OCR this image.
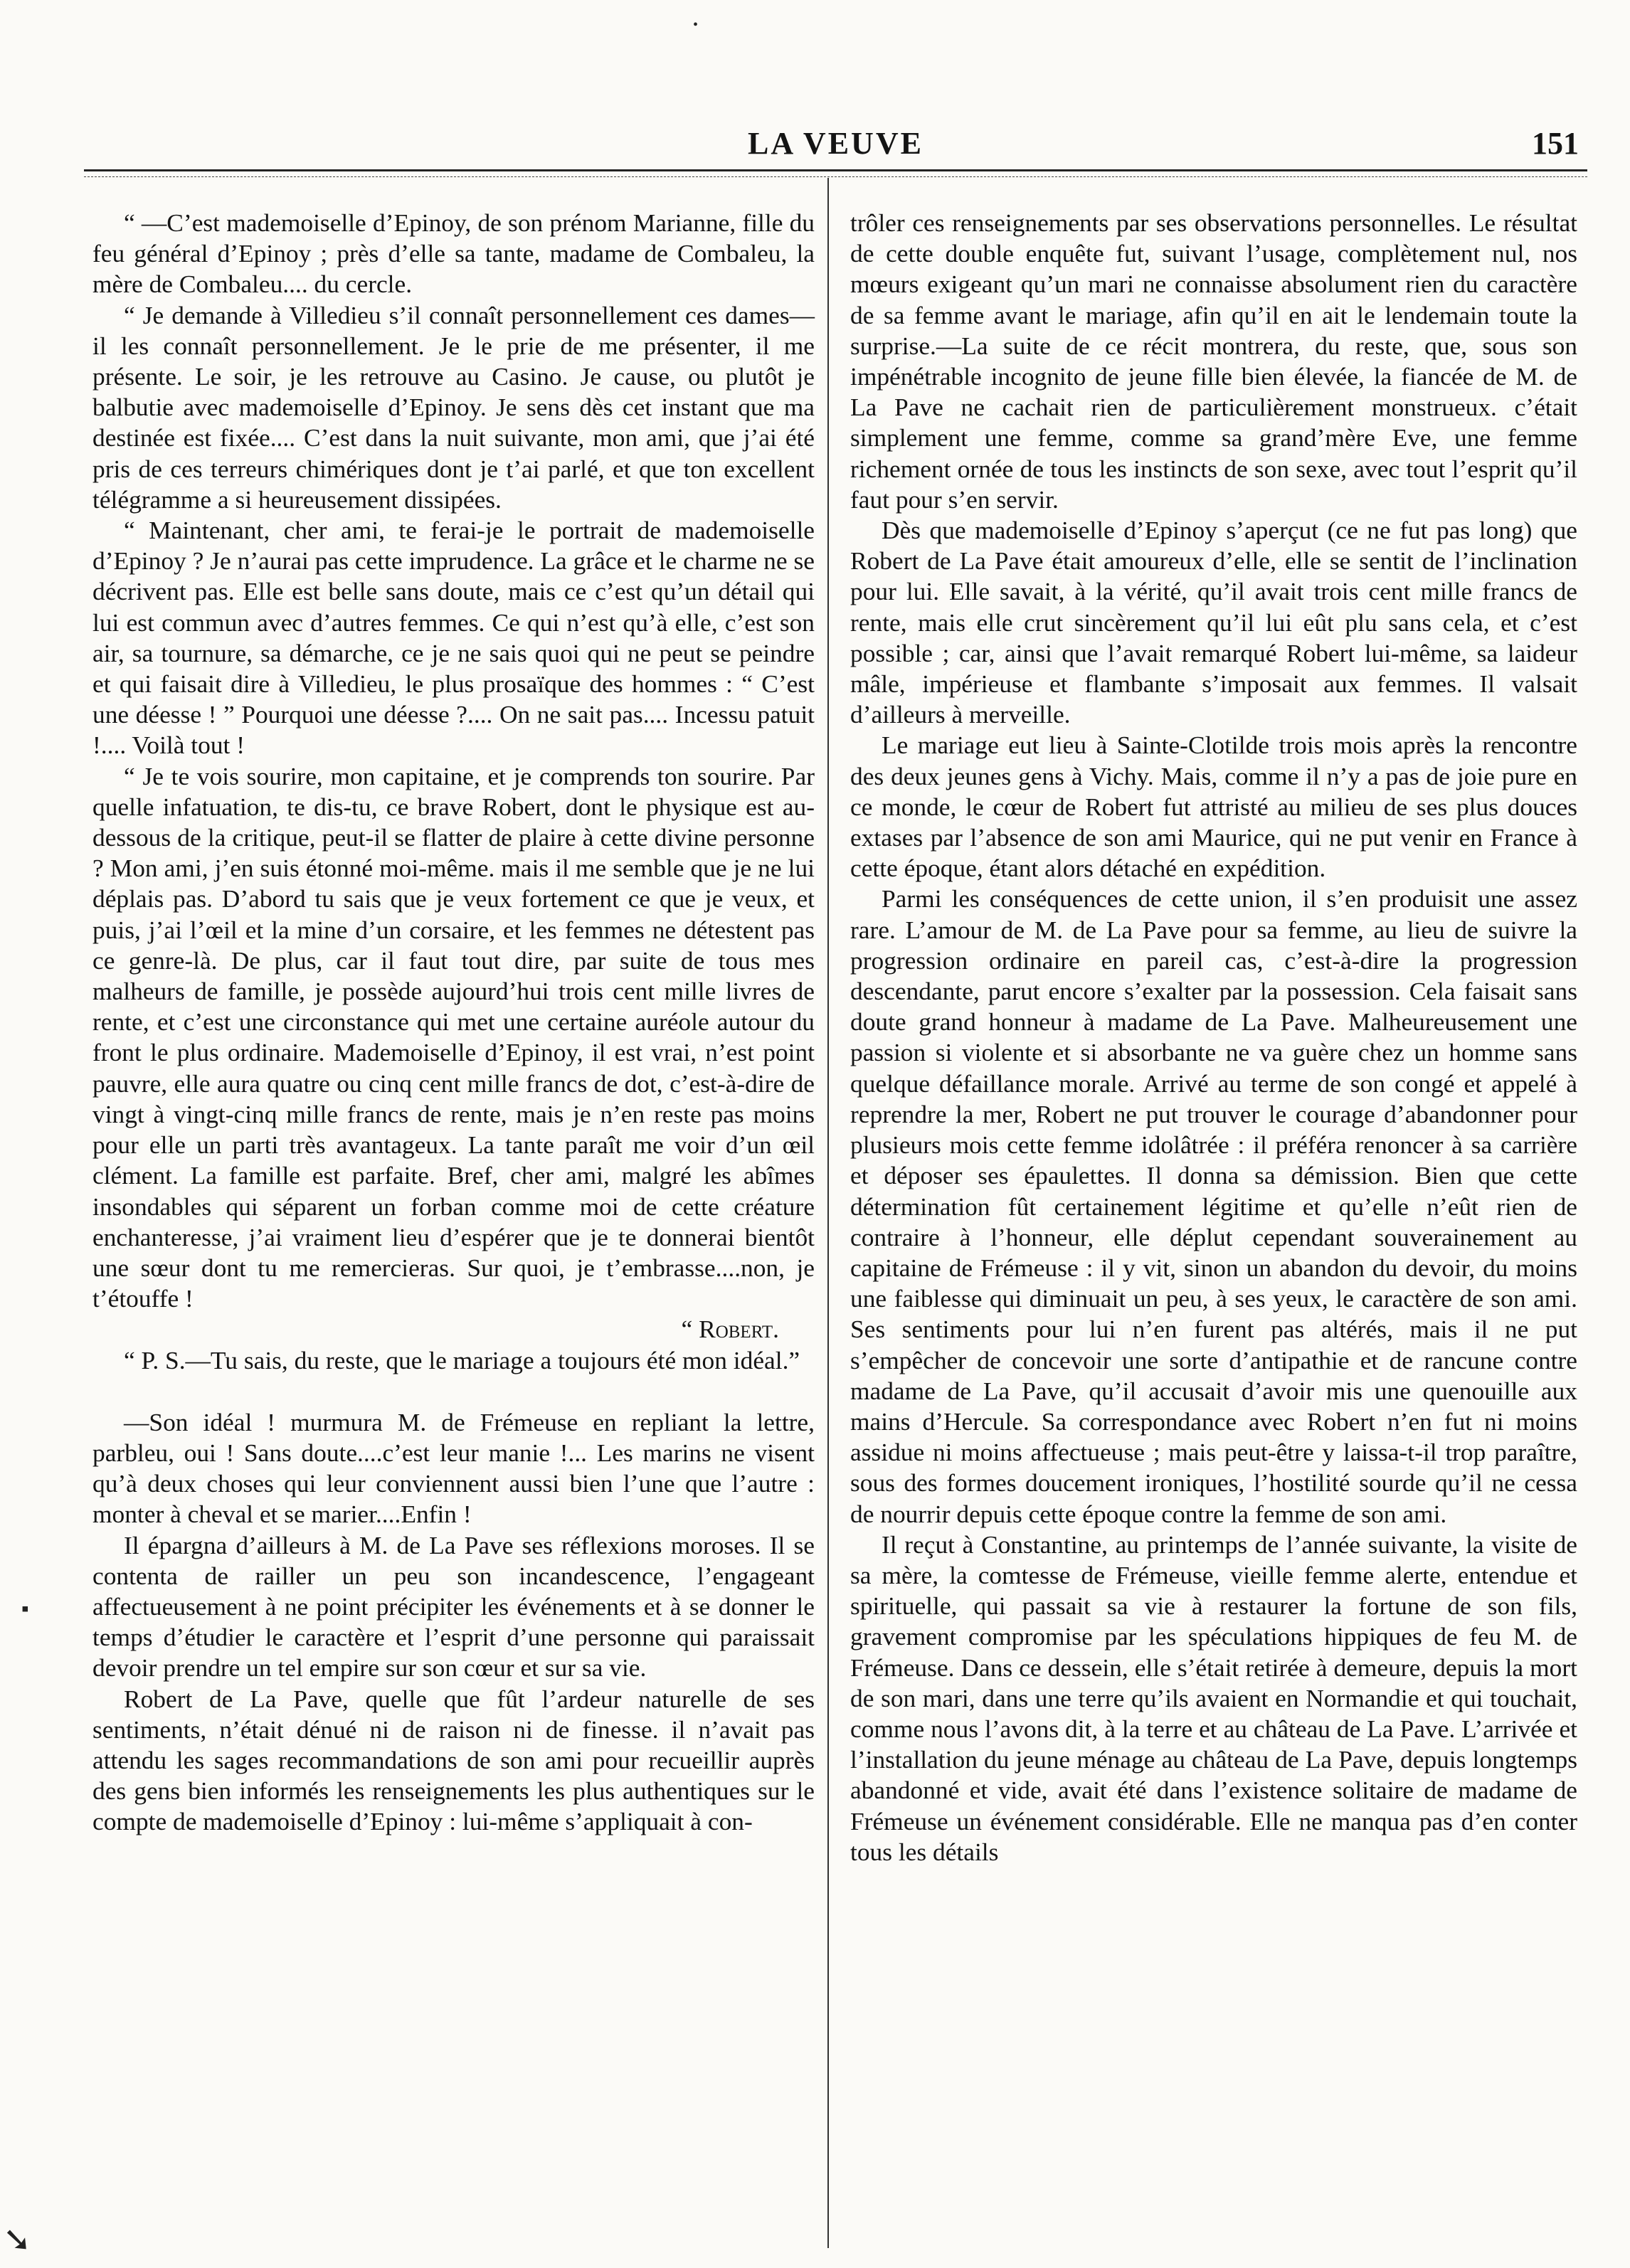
LA VEUVE	151

“ —C’est mademoiselle d’Epinoy, de son prénom Marianne, fille du feu général d’Epinoy ; près d’elle sa tante, madame de Combaleu, la mère de Combaleu.... du cercle.

“ Je demande à Villedieu s’il connaît personnellement ces dames—il les connaît personnellement. Je le prie de me présenter, il me présente. Le soir, je les retrouve au Casino. Je cause, ou plutôt je balbutie avec mademoiselle d’Epinoy. Je sens dès cet instant que ma destinée est fixée.... C’est dans la nuit suivante, mon ami, que j’ai été pris de ces terreurs chimériques dont je t’ai parlé, et que ton excellent télégramme a si heureusement dissipées.

“ Maintenant, cher ami, te ferai-je le portrait de mademoiselle d’Epinoy ? Je n’aurai pas cette imprudence. La grâce et le charme ne se décrivent pas. Elle est belle sans doute, mais ce c’est qu’un détail qui lui est commun avec d’autres femmes. Ce qui n’est qu’à elle, c’est son air, sa tournure, sa démarche, ce je ne sais quoi qui ne peut se peindre et qui faisait dire à Villedieu, le plus prosaïque des hommes : “ C’est une déesse ! ” Pourquoi une déesse ?.... On ne sait pas.... Incessu patuit !.... Voilà tout !

“ Je te vois sourire, mon capitaine, et je comprends ton sourire. Par quelle infatuation, te dis-tu, ce brave Robert, dont le physique est au-dessous de la critique, peut-il se flatter de plaire à cette divine personne ? Mon ami, j’en suis étonné moi-même. mais il me semble que je ne lui déplais pas. D’abord tu sais que je veux fortement ce que je veux, et puis, j’ai l’œil et la mine d’un corsaire, et les femmes ne détestent pas ce genre-là. De plus, car il faut tout dire, par suite de tous mes malheurs de famille, je possède aujourd’hui trois cent mille livres de rente, et c’est une circonstance qui met une certaine auréole autour du front le plus ordinaire. Mademoiselle d’Epinoy, il est vrai, n’est point pauvre, elle aura quatre ou cinq cent mille francs de dot, c’est-à-dire de vingt à vingt-cinq mille francs de rente, mais je n’en reste pas moins pour elle un parti très avantageux. La tante paraît me voir d’un œil clément. La famille est parfaite. Bref, cher ami, malgré les abîmes insondables qui séparent un forban comme moi de cette créature enchanteresse, j’ai vraiment lieu d’espérer que je te donnerai bientôt une sœur dont tu me remercieras. Sur quoi, je t’embrasse....non, je t’étouffe !

“ Robert.

“ P. S.—Tu sais, du reste, que le mariage a toujours été mon idéal.”

—Son idéal ! murmura M. de Frémeuse en repliant la lettre, parbleu, oui ! Sans doute....c’est leur manie !... Les marins ne visent qu’à deux choses qui leur conviennent aussi bien l’une que l’autre : monter à cheval et se marier....Enfin !

Il épargna d’ailleurs à M. de La Pave ses réflexions moroses. Il se contenta de railler un peu son incandescence, l’engageant affectueusement à ne point précipiter les événements et à se donner le temps d’étudier le caractère et l’esprit d’une personne qui paraissait devoir prendre un tel empire sur son cœur et sur sa vie.

Robert de La Pave, quelle que fût l’ardeur naturelle de ses sentiments, n’était dénué ni de raison ni de finesse. il n’avait pas attendu les sages recommandations de son ami pour recueillir auprès des gens bien informés les renseignements les plus authentiques sur le compte de mademoiselle d’Epinoy : lui-même s’appliquait à con-

trôler ces renseignements par ses observations personnelles. Le résultat de cette double enquête fut, suivant l’usage, complètement nul, nos mœurs exigeant qu’un mari ne connaisse absolument rien du caractère de sa femme avant le mariage, afin qu’il en ait le lendemain toute la surprise.—La suite de ce récit montrera, du reste, que, sous son impénétrable incognito de jeune fille bien élevée, la fiancée de M. de La Pave ne cachait rien de particulièrement monstrueux. c’était simplement une femme, comme sa grand’mère Eve, une femme richement ornée de tous les instincts de son sexe, avec tout l’esprit qu’il faut pour s’en servir.

Dès que mademoiselle d’Epinoy s’aperçut (ce ne fut pas long) que Robert de La Pave était amoureux d’elle, elle se sentit de l’inclination pour lui. Elle savait, à la vérité, qu’il avait trois cent mille francs de rente, mais elle crut sincèrement qu’il lui eût plu sans cela, et c’est possible ; car, ainsi que l’avait remarqué Robert lui-même, sa laideur mâle, impérieuse et flambante s’imposait aux femmes. Il valsait d’ailleurs à merveille.

Le mariage eut lieu à Sainte-Clotilde trois mois après la rencontre des deux jeunes gens à Vichy. Mais, comme il n’y a pas de joie pure en ce monde, le cœur de Robert fut attristé au milieu de ses plus douces extases par l’absence de son ami Maurice, qui ne put venir en France à cette époque, étant alors détaché en expédition.

Parmi les conséquences de cette union, il s’en produisit une assez rare. L’amour de M. de La Pave pour sa femme, au lieu de suivre la progression ordinaire en pareil cas, c’est-à-dire la progression descendante, parut encore s’exalter par la possession. Cela faisait sans doute grand honneur à madame de La Pave. Malheureusement une passion si violente et si absorbante ne va guère chez un homme sans quelque défaillance morale. Arrivé au terme de son congé et appelé à reprendre la mer, Robert ne put trouver le courage d’abandonner pour plusieurs mois cette femme idolâtrée : il préféra renoncer à sa carrière et déposer ses épaulettes. Il donna sa démission. Bien que cette détermination fût certainement légitime et qu’elle n’eût rien de contraire à l’honneur, elle déplut cependant souverainement au capitaine de Frémeuse : il y vit, sinon un abandon du devoir, du moins une faiblesse qui diminuait un peu, à ses yeux, le caractère de son ami. Ses sentiments pour lui n’en furent pas altérés, mais il ne put s’empêcher de concevoir une sorte d’antipathie et de rancune contre madame de La Pave, qu’il accusait d’avoir mis une quenouille aux mains d’Hercule. Sa correspondance avec Robert n’en fut ni moins assidue ni moins affectueuse ; mais peut-être y laissa-t-il trop paraître, sous des formes doucement ironiques, l’hostilité sourde qu’il ne cessa de nourrir depuis cette époque contre la femme de son ami.

Il reçut à Constantine, au printemps de l’année suivante, la visite de sa mère, la comtesse de Frémeuse, vieille femme alerte, entendue et spirituelle, qui passait sa vie à restaurer la fortune de son fils, gravement compromise par les spéculations hippiques de feu M. de Frémeuse. Dans ce dessein, elle s’était retirée à demeure, depuis la mort de son mari, dans une terre qu’ils avaient en Normandie et qui touchait, comme nous l’avons dit, à la terre et au château de La Pave. L’arrivée et l’installation du jeune ménage au château de La Pave, depuis longtemps abandonné et vide, avait été dans l’existence solitaire de madame de Frémeuse un événement considérable. Elle ne manqua pas d’en conter tous les détails

•
▪
➘
